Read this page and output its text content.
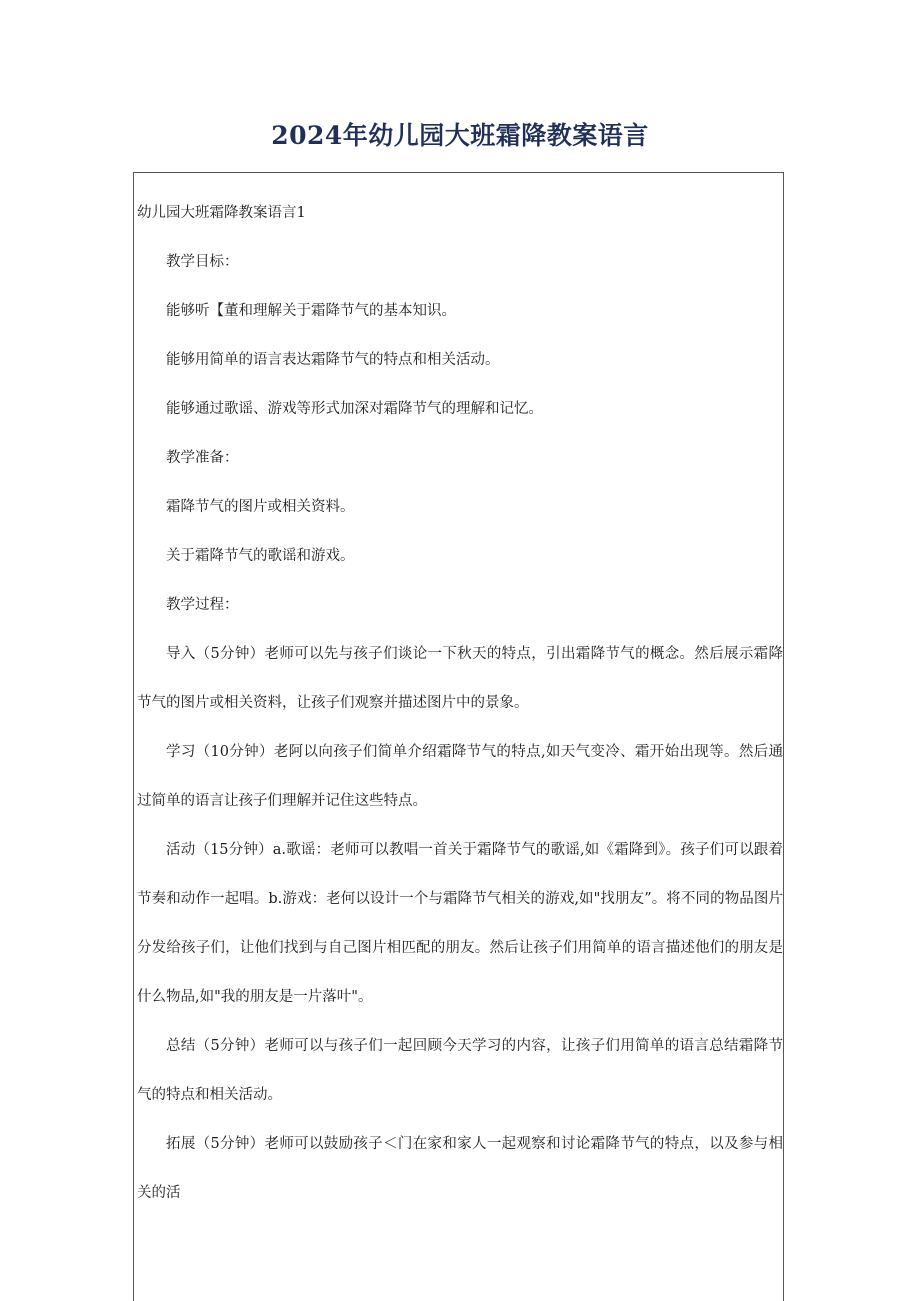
2024年幼儿园大班霜降教案语言

幼儿园大班霜降教案语言1

教学目标：

能够听【董和理解关于霜降节气的基本知识。

能够用简单的语言表达霜降节气的特点和相关活动。

能够通过歌谣、游戏等形式加深对霜降节气的理解和记忆。

教学准备：

霜降节气的图片或相关资料。

关于霜降节气的歌谣和游戏。

教学过程：

导入（5分钟）老师可以先与孩子们谈论一下秋天的特点，引出霜降节气的概念。然后展示霜降节气的图片或相关资料，让孩子们观察并描述图片中的景象。

学习（10分钟）老阿以向孩子们简单介绍霜降节气的特点,如天气变冷、霜开始出现等。然后通过简单的语言让孩子们理解并记住这些特点。

活动（15分钟）a.歌谣：老师可以教唱一首关于霜降节气的歌谣,如《霜降到》。孩子们可以跟着节奏和动作一起唱。b.游戏：老何以设计一个与霜降节气相关的游戏,如"找朋友”。将不同的物品图片分发给孩子们，让他们找到与自己图片相匹配的朋友。然后让孩子们用简单的语言描述他们的朋友是什么物品,如"我的朋友是一片落叶"。

总结（5分钟）老师可以与孩子们一起回顾今天学习的内容，让孩子们用简单的语言总结霜降节气的特点和相关活动。

拓展（5分钟）老师可以鼓励孩子＜门在家和家人一起观察和讨论霜降节气的特点，以及参与相关的活
